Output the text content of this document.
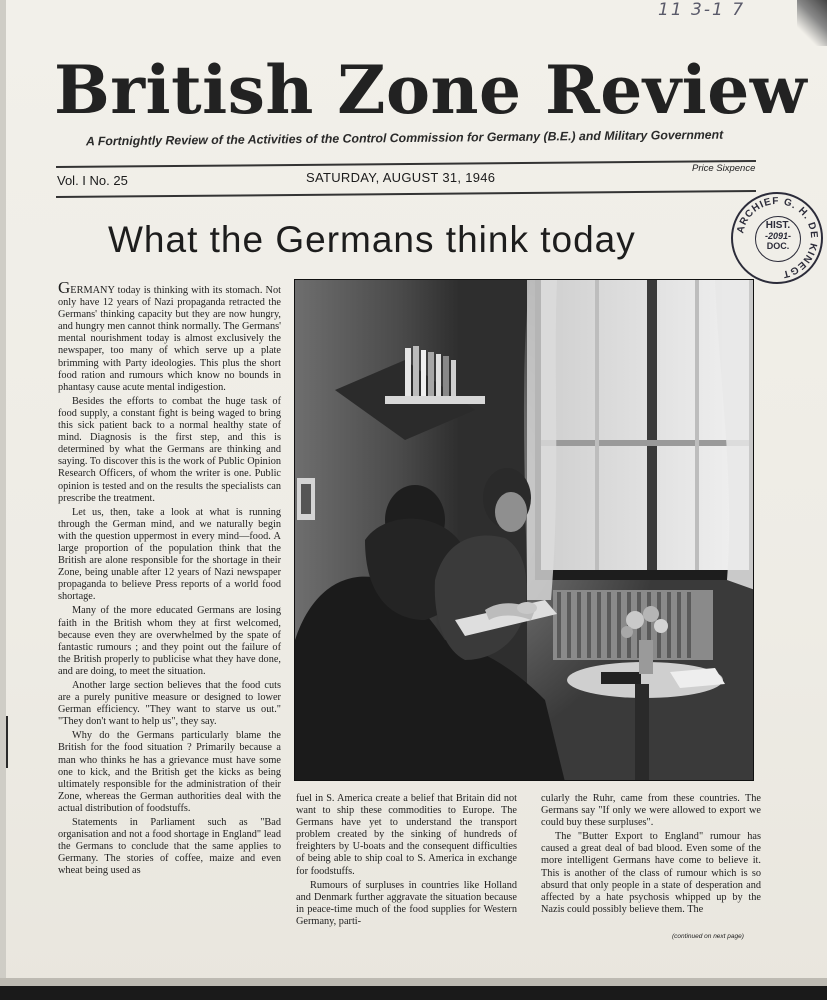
11 3-1 7
British Zone Review
A Fortnightly Review of the Activities of the Control Commission for Germany (B.E.) and Military Government
Vol. I No. 25	SATURDAY, AUGUST 31, 1946
Price Sixpence
ARCHIEF G. H. DE KINEGT
HIST.
-2091-
DOC.
What the Germans think today

GERMANY today is thinking with its stomach. Not only have 12 years of Nazi propaganda retracted the Germans' thinking capacity but they are now hungry, and hungry men cannot think normally. The Germans' mental nourishment today is almost exclusively the newspaper, too many of which serve up a plate brimming with Party ideologies. This plus the short food ration and rumours which know no bounds in phantasy cause acute mental indigestion.

Besides the efforts to combat the huge task of food supply, a constant fight is being waged to bring this sick patient back to a normal healthy state of mind. Diagnosis is the first step, and this is determined by what the Germans are thinking and saying. To discover this is the work of Public Opinion Research Officers, of whom the writer is one. Public opinion is tested and on the results the specialists can prescribe the treatment.

Let us, then, take a look at what is running through the German mind, and we naturally begin with the question uppermost in every mind—food. A large proportion of the population think that the British are alone responsible for the shortage in their Zone, being unable after 12 years of Nazi newspaper propaganda to believe Press reports of a world food shortage.

Many of the more educated Germans are losing faith in the British whom they at first welcomed, because even they are overwhelmed by the spate of fantastic rumours ; and they point out the failure of the British properly to publicise what they have done, and are doing, to meet the situation.

Another large section believes that the food cuts are a purely punitive measure or designed to lower German efficiency. "They want to starve us out." "They don't want to help us", they say.

Why do the Germans particularly blame the British for the food situation ? Primarily because a man who thinks he has a grievance must have some one to kick, and the British get the kicks as being ultimately responsible for the administration of their Zone, whereas the German authorities deal with the actual distribution of foodstuffs.

Statements in Parliament such as "Bad organisation and not a food shortage in England" lead the Germans to conclude that the same applies to Germany. The stories of coffee, maize and even wheat being used as

fuel in S. America create a belief that Britain did not want to ship these commodities to Europe. The Germans have yet to understand the transport problem created by the sinking of hundreds of freighters by U-boats and the consequent difficulties of being able to ship coal to S. America in exchange for foodstuffs.

Rumours of surpluses in countries like Holland and Denmark further aggravate the situation because in peace-time much of the food supplies for Western Germany, parti-

cularly the Ruhr, came from these countries. The Germans say "If only we were allowed to export we could buy these surpluses".

The "Butter Export to England" rumour has caused a great deal of bad blood. Even some of the more intelligent Germans have come to believe it. This is another of the class of rumour which is so absurd that only people in a state of desperation and affected by a hate psychosis whipped up by the Nazis could possibly believe them. The

(continued on next page)
